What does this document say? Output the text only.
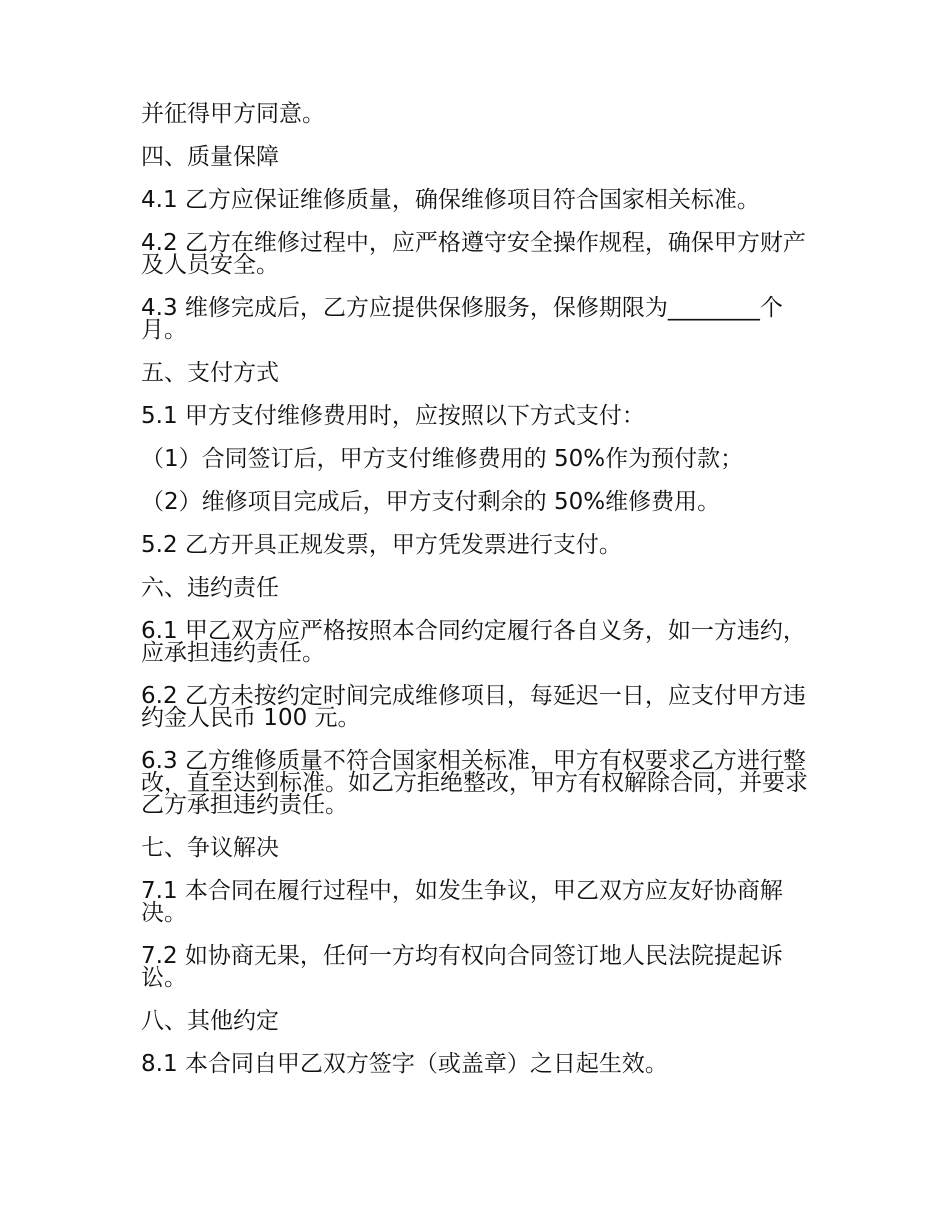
并征得甲方同意。
四、质量保障
4.1 乙方应保证维修质量，确保维修项目符合国家相关标准。
4.2 乙方在维修过程中，应严格遵守安全操作规程，确保甲方财产及人员安全。
4.3 维修完成后，乙方应提供保修服务，保修期限为________个月。
五、支付方式
5.1 甲方支付维修费用时，应按照以下方式支付：
（1）合同签订后，甲方支付维修费用的 50%作为预付款；
（2）维修项目完成后，甲方支付剩余的 50%维修费用。
5.2 乙方开具正规发票，甲方凭发票进行支付。
六、违约责任
6.1 甲乙双方应严格按照本合同约定履行各自义务，如一方违约，应承担违约责任。
6.2 乙方未按约定时间完成维修项目，每延迟一日，应支付甲方违约金人民币 100 元。
6.3 乙方维修质量不符合国家相关标准，甲方有权要求乙方进行整改，直至达到标准。如乙方拒绝整改，甲方有权解除合同，并要求乙方承担违约责任。
七、争议解决
7.1 本合同在履行过程中，如发生争议，甲乙双方应友好协商解决。
7.2 如协商无果，任何一方均有权向合同签订地人民法院提起诉讼。
八、其他约定
8.1 本合同自甲乙双方签字（或盖章）之日起生效。
